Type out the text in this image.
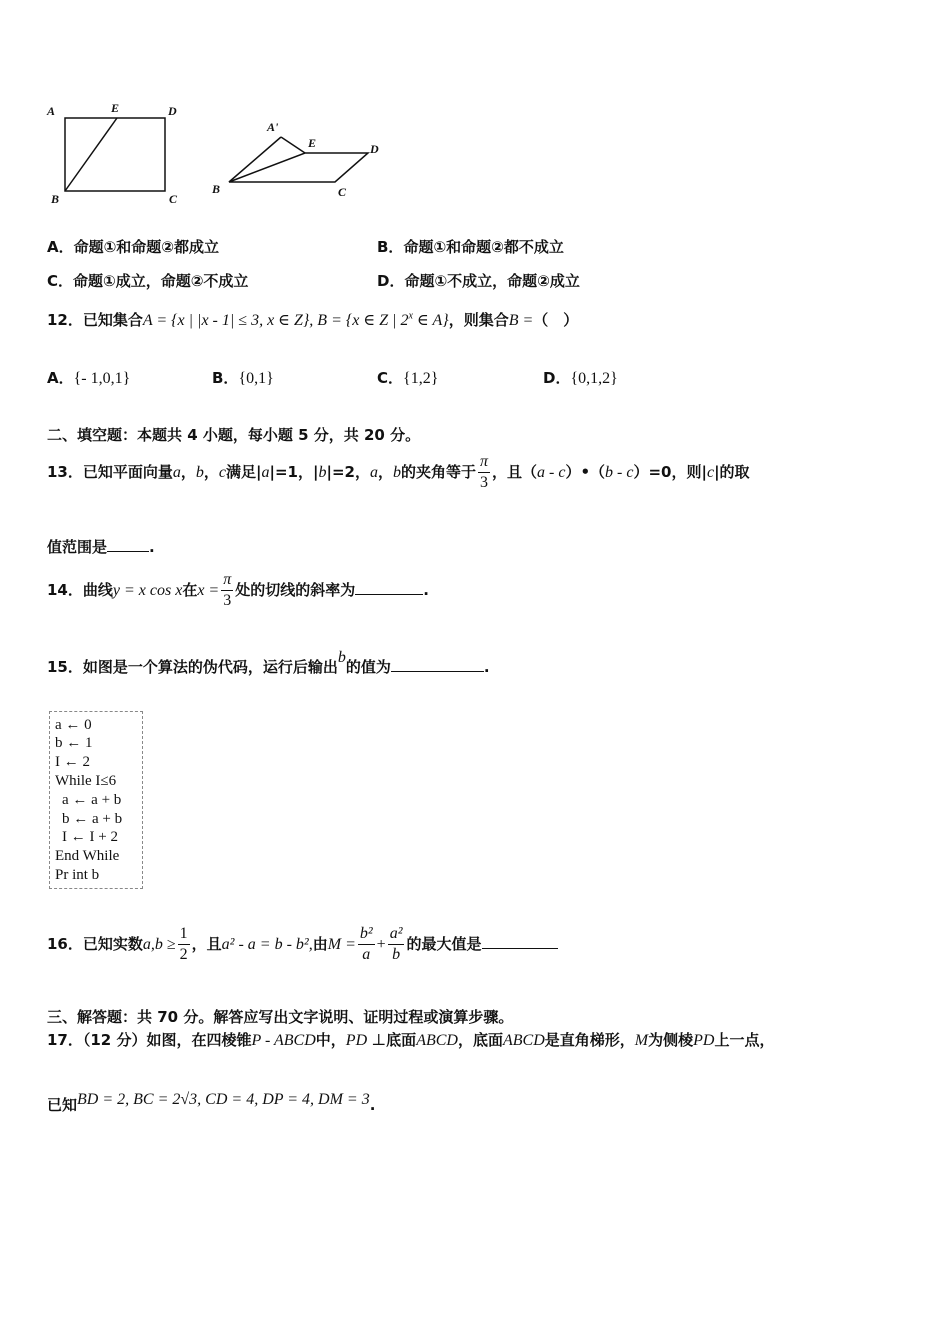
A	E	D
B	C
A'
E	D
B	C
A．命题①和命题②都成立	B．命题①和命题②都不成立
C．命题①成立，命题②不成立	D．命题①不成立，命题②成立
12．已知集合A = {x | |x - 1| ≤ 3, x ∈ Z}, B = {x ∈ Z | 2$^x$ ∈ A}，则集合B =（　）
A．{- 1,0,1}	B．{0,1}	C．{1,2}	D．{0,1,2}
二、填空题：本题共 4 小题，每小题 5 分，共 20 分。
13．已知平面向量a，b，c满足|a|=1，|b|=2，a，b的夹角等于 $\frac{\pi}{3}$ ，且（a - c）•（b - c）=0，则|c|的取
值范围是	.
14．曲线y = x cos x在$x = \frac{\pi}{3}$ 处的切线的斜率为	.
15．如图是一个算法的伪代码，运行后输出b的值为	.
a ← 0
b ← 1
I ← 2
While I≤6
a ← a + b
b ← a + b
I ← I + 2
End While
Pr int b
16．已知实数$a,b \ge \frac{1}{2}$ ，且a² - a = b - b²,由$M = \frac{\text{b²}}{a} + \frac{\text{a²}}{b}$ 的最大值是
三、解答题：共 70 分。解答应写出文字说明、证明过程或演算步骤。
17．（12 分）如图，在四棱锥P - ABCD中，PD ⊥底面ABCD，底面ABCD是直角梯形，M为侧棱PD上一点，
已知BD = 2, BC = 2√3, CD = 4, DP = 4, DM = 3.
